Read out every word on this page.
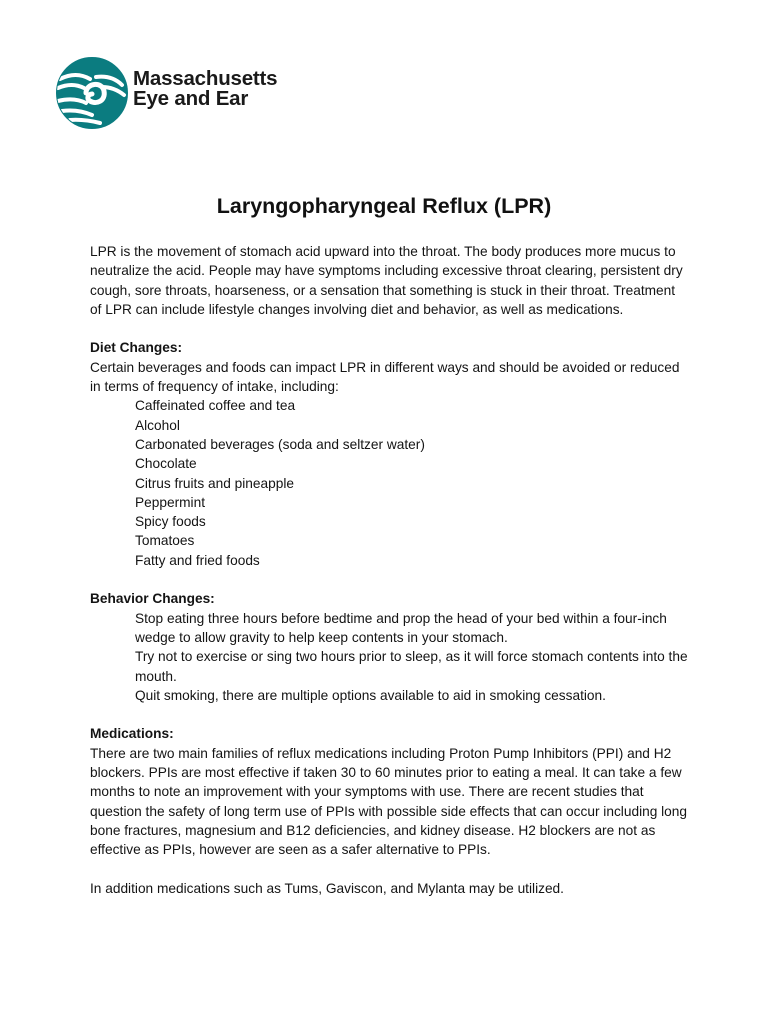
Massachusetts
Eye and Ear
Laryngopharyngeal Reflux (LPR)
LPR is the movement of stomach acid upward into the throat. The body produces more mucus to neutralize the acid. People may have symptoms including excessive throat clearing, persistent dry cough, sore throats, hoarseness, or a sensation that something is stuck in their throat. Treatment of LPR can include lifestyle changes involving diet and behavior, as well as medications.
Diet Changes:
Certain beverages and foods can impact LPR in different ways and should be avoided or reduced in terms of frequency of intake, including:
Caffeinated coffee and tea
Alcohol
Carbonated beverages (soda and seltzer water)
Chocolate
Citrus fruits and pineapple
Peppermint
Spicy foods
Tomatoes
Fatty and fried foods
Behavior Changes:
Stop eating three hours before bedtime and prop the head of your bed within a four-inch wedge to allow gravity to help keep contents in your stomach.
Try not to exercise or sing two hours prior to sleep, as it will force stomach contents into the mouth.
Quit smoking, there are multiple options available to aid in smoking cessation.
Medications:
There are two main families of reflux medications including Proton Pump Inhibitors (PPI) and H2 blockers. PPIs are most effective if taken 30 to 60 minutes prior to eating a meal. It can take a few months to note an improvement with your symptoms with use. There are recent studies that question the safety of long term use of PPIs with possible side effects that can occur including long bone fractures, magnesium and B12 deficiencies, and kidney disease. H2 blockers are not as effective as PPIs, however are seen as a safer alternative to PPIs.
In addition medications such as Tums, Gaviscon, and Mylanta may be utilized.
